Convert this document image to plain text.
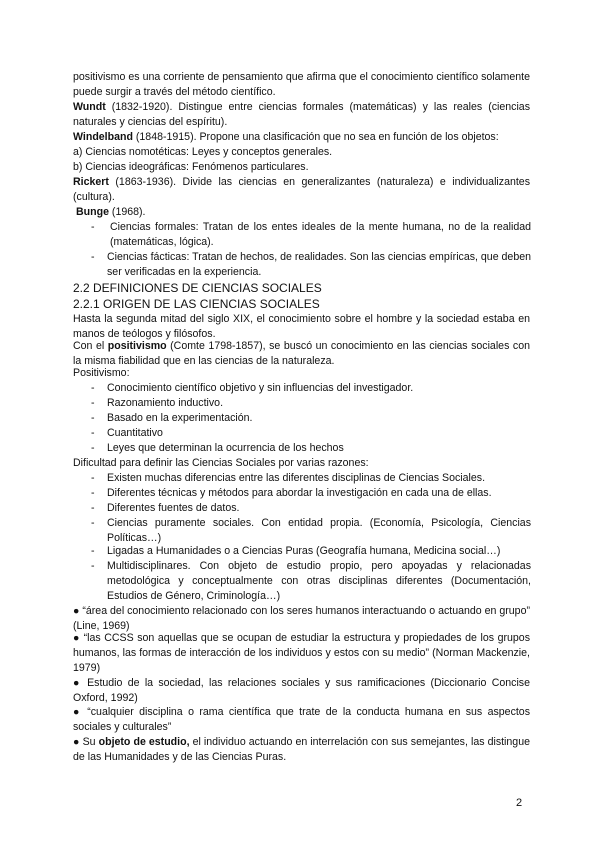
positivismo es una corriente de pensamiento que afirma que el conocimiento científico solamente puede surgir a través del método científico.
Wundt (1832-1920). Distingue entre ciencias formales (matemáticas) y las reales (ciencias naturales y ciencias del espíritu).
Windelband (1848-1915). Propone una clasificación que no sea en función de los objetos:
a) Ciencias nomotéticas: Leyes y conceptos generales.
b) Ciencias ideográficas: Fenómenos particulares.
Rickert (1863-1936). Divide las ciencias en generalizantes (naturaleza) e individualizantes (cultura).
Bunge (1968).
-	Ciencias formales: Tratan de los entes ideales de la mente humana, no de la realidad (matemáticas, lógica).
-	Ciencias fácticas: Tratan de hechos, de realidades. Son las ciencias empíricas, que deben ser verificadas en la experiencia.
2.2 DEFINICIONES DE CIENCIAS SOCIALES
2.2.1 ORIGEN DE LAS CIENCIAS SOCIALES
Hasta la segunda mitad del siglo XIX, el conocimiento sobre el hombre y la sociedad estaba en manos de teólogos y filósofos.
Con el positivismo (Comte 1798-1857), se buscó un conocimiento en las ciencias sociales con la misma fiabilidad que en las ciencias de la naturaleza.
Positivismo:
-	Conocimiento científico objetivo y sin influencias del investigador.
-	Razonamiento inductivo.
-	Basado en la experimentación.
-	Cuantitativo
-	Leyes que determinan la ocurrencia de los hechos
Dificultad para definir las Ciencias Sociales por varias razones:
-	Existen muchas diferencias entre las diferentes disciplinas de Ciencias Sociales.
-	Diferentes técnicas y métodos para abordar la investigación en cada una de ellas.
-	Diferentes fuentes de datos.
-	Ciencias puramente sociales. Con entidad propia. (Economía, Psicología, Ciencias Políticas…)
-	Ligadas a Humanidades o a Ciencias Puras (Geografía humana, Medicina social…)
-	Multidisciplinares. Con objeto de estudio propio, pero apoyadas y relacionadas metodológica y conceptualmente con otras disciplinas diferentes (Documentación, Estudios de Género, Criminología…)
● “área del conocimiento relacionado con los seres humanos interactuando o actuando en grupo” (Line, 1969)
● “las CCSS son aquellas que se ocupan de estudiar la estructura y propiedades de los grupos humanos, las formas de interacción de los individuos y estos con su medio” (Norman Mackenzie, 1979)
● Estudio de la sociedad, las relaciones sociales y sus ramificaciones (Diccionario Concise Oxford, 1992)
● “cualquier disciplina o rama científica que trate de la conducta humana en sus aspectos sociales y culturales”
● Su objeto de estudio, el individuo actuando en interrelación con sus semejantes, las distingue de las Humanidades y de las Ciencias Puras.
2
